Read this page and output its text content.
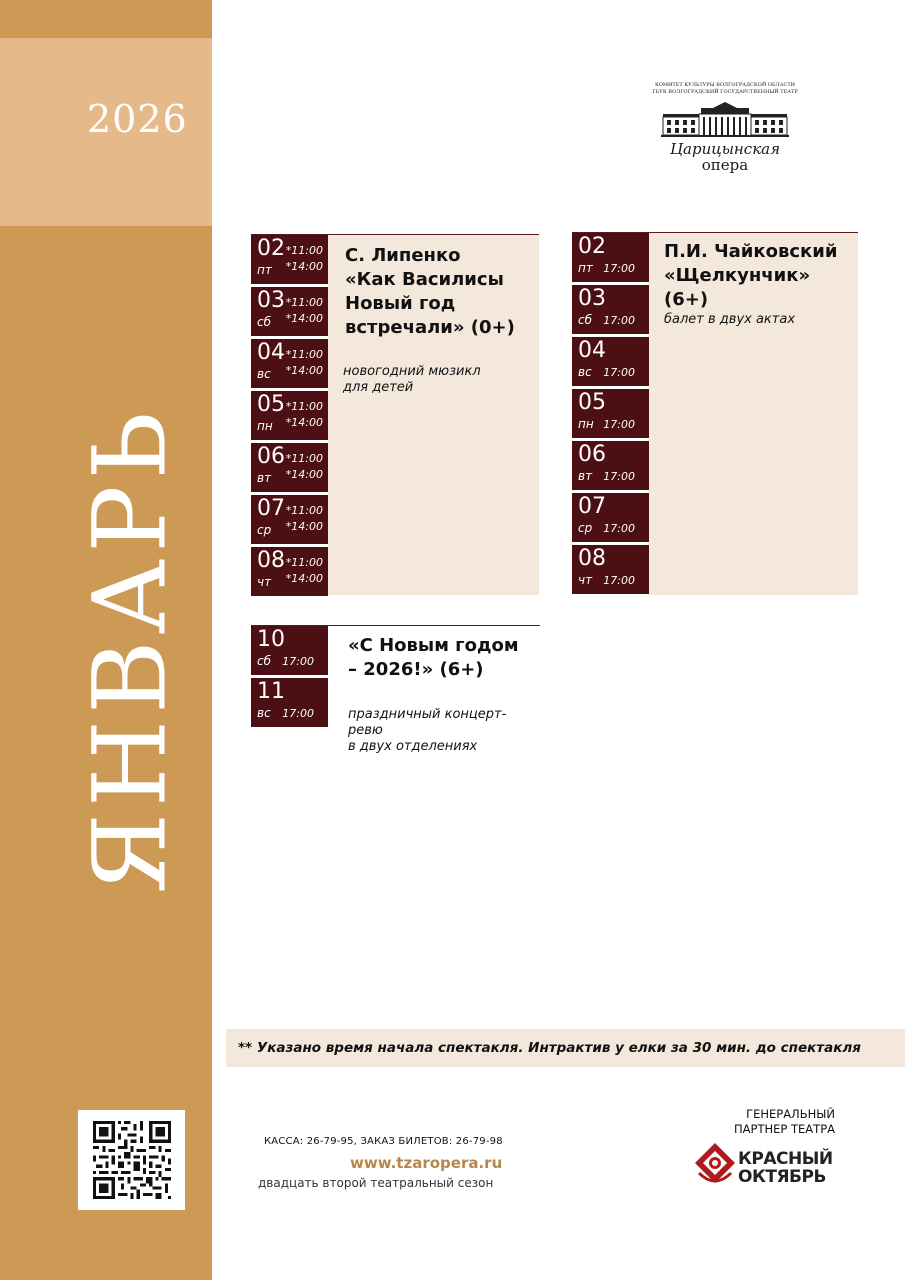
2026
ЯНВАРЬ
КОМИТЕТ КУЛЬТУРЫ ВОЛГОГРАДСКОЙ ОБЛАСТИ
ГБУК ВОЛГОГРАДСКИЙ ГОСУДАРСТВЕННЫЙ ТЕАТР
Царицынская
опера
02
пт
*11:00
*14:00
03
сб
*11:00
*14:00
04
вс
*11:00
*14:00
05
пн
*11:00
*14:00
06
вт
*11:00
*14:00
07
ср
*11:00
*14:00
08
чт
*11:00
*14:00
С. Липенко
«Как Василисы
Новый год
встречали» (0+)
новогодний мюзикл
для детей
02
пт 17:00
03
сб 17:00
04
вс 17:00
05
пн 17:00
06
вт 17:00
07
ср 17:00
08
чт 17:00
П.И. Чайковский
«Щелкунчик» (6+)
балет в двух актах
10
сб 17:00
11
вс 17:00
«С Новым годом
– 2026!» (6+)
праздничный концерт-ревю
в двух отделениях
** Указано время начала спектакля. Интрактив у елки за 30 мин. до спектакля
КАССА: 26-79-95, ЗАКАЗ БИЛЕТОВ: 26-79-98
www.tzaropera.ru
двадцать второй театральный сезон
ГЕНЕРАЛЬНЫЙ
ПАРТНЕР ТЕАТРА
КРАСНЫЙ
ОКТЯБРЬ
